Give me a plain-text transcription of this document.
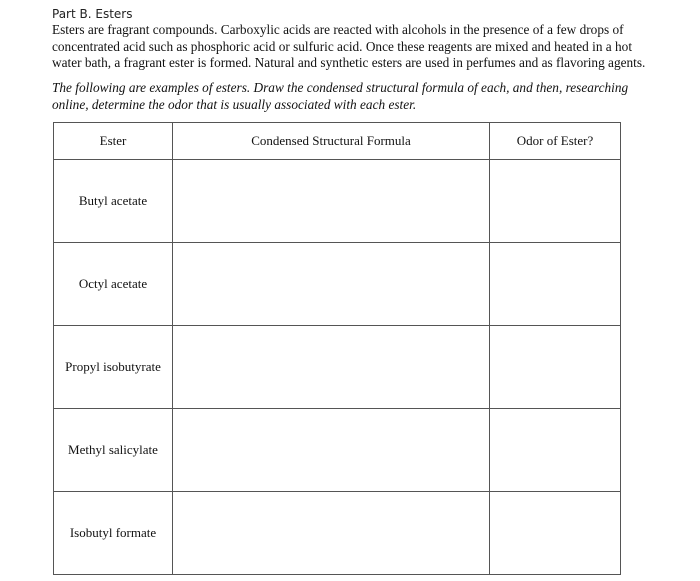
Part B. Esters

Esters are fragrant compounds. Carboxylic acids are reacted with alcohols in the presence of a few drops of concentrated acid such as phosphoric acid or sulfuric acid. Once these reagents are mixed and heated in a hot water bath, a fragrant ester is formed. Natural and synthetic esters are used in perfumes and as flavoring agents.

The following are examples of esters. Draw the condensed structural formula of each, and then, researching online, determine the odor that is usually associated with each ester.

Ester	Condensed Structural Formula	Odor of Ester?
Butyl acetate		
Octyl acetate		
Propyl isobutyrate		
Methyl salicylate		
Isobutyl formate		
